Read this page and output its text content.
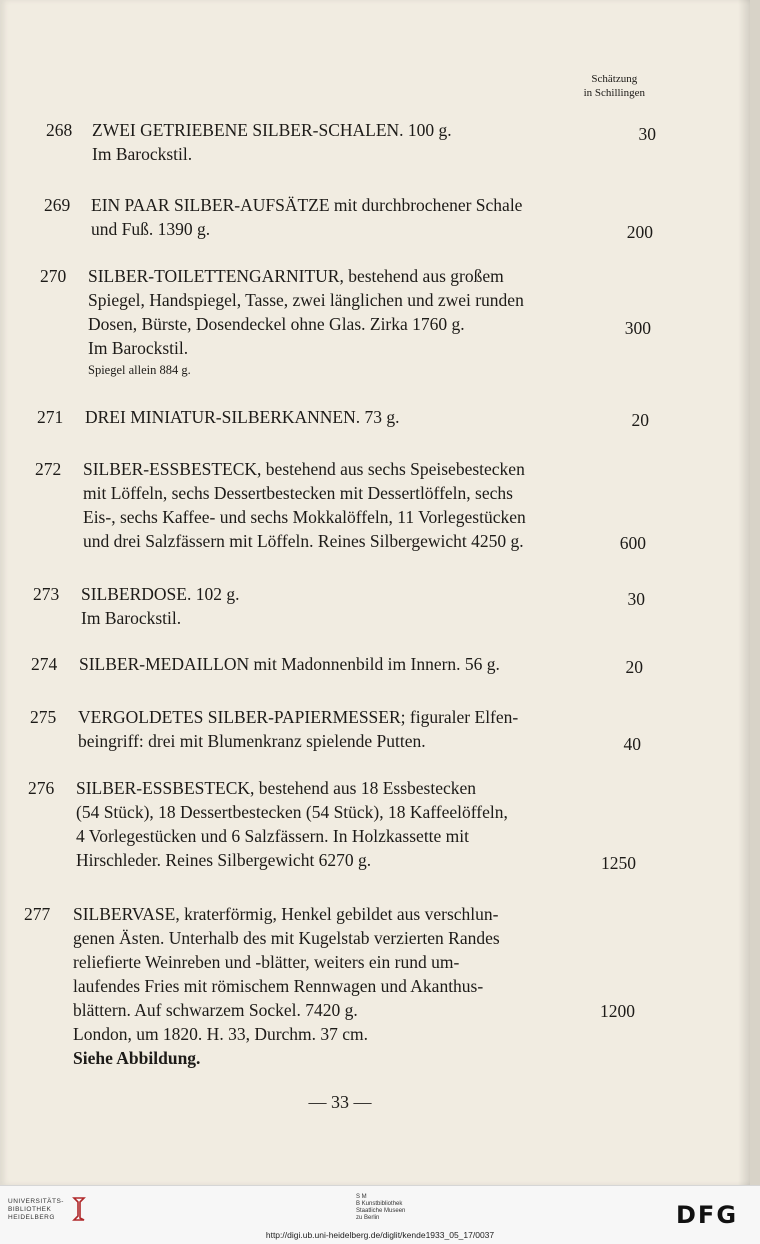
Schätzung
in Schillingen
268 ZWEI GETRIEBENE SILBER-SCHALEN. 100 g.

Im Barockstil.

30
269 EIN PAAR SILBER-AUFSÄTZE mit durchbrochener Schale

und Fuß. 1390 g.	200
270 SILBER-TOILETTENGARNITUR, bestehend aus großem

Spiegel, Handspiegel, Tasse, zwei länglichen und zwei runden

Dosen, Bürste, Dosendeckel ohne Glas. Zirka 1760 g.

Im Barockstil.

Spiegel allein 884 g.

300
271 DREI MINIATUR-SILBERKANNEN. 73 g.	20
272 SILBER-ESSBESTECK, bestehend aus sechs Speisebestecken

mit Löffeln, sechs Dessertbestecken mit Dessertlöffeln, sechs

Eis-, sechs Kaffee- und sechs Mokkalöffeln, 11 Vorlegestücken

und drei Salzfässern mit Löffeln. Reines Silbergewicht 4250 g.	600
273 SILBERDOSE. 102 g.

Im Barockstil.

30
274 SILBER-MEDAILLON mit Madonnenbild im Innern. 56 g.	20
275 VERGOLDETES SILBER-PAPIERMESSER; figuraler Elfen-

beingriff: drei mit Blumenkranz spielende Putten.	40
276 SILBER-ESSBESTECK, bestehend aus 18 Essbestecken

(54 Stück), 18 Dessertbestecken (54 Stück), 18 Kaffeelöffeln,

4 Vorlegestücken und 6 Salzfässern. In Holzkassette mit

Hirschleder. Reines Silbergewicht 6270 g.	1250
277 SILBERVASE, kraterförmig, Henkel gebildet aus verschlun-

genen Ästen. Unterhalb des mit Kugelstab verzierten Randes

reliefierte Weinreben und -blätter, weiters ein rund um-

laufendes Fries mit römischem Rennwagen und Akanthus-

blättern. Auf schwarzem Sockel. 7420 g.

London, um 1820. H. 33, Durchm. 37 cm.

Siehe Abbildung.

1200
— 33 —
UNIVERSITÄTS-
BIBLIOTHEK
HEIDELBERG
S M
B Kunstbibliothek
Staatliche Museen
zu Berlin	DFG
http://digi.ub.uni-heidelberg.de/diglit/kende1933_05_17/0037
